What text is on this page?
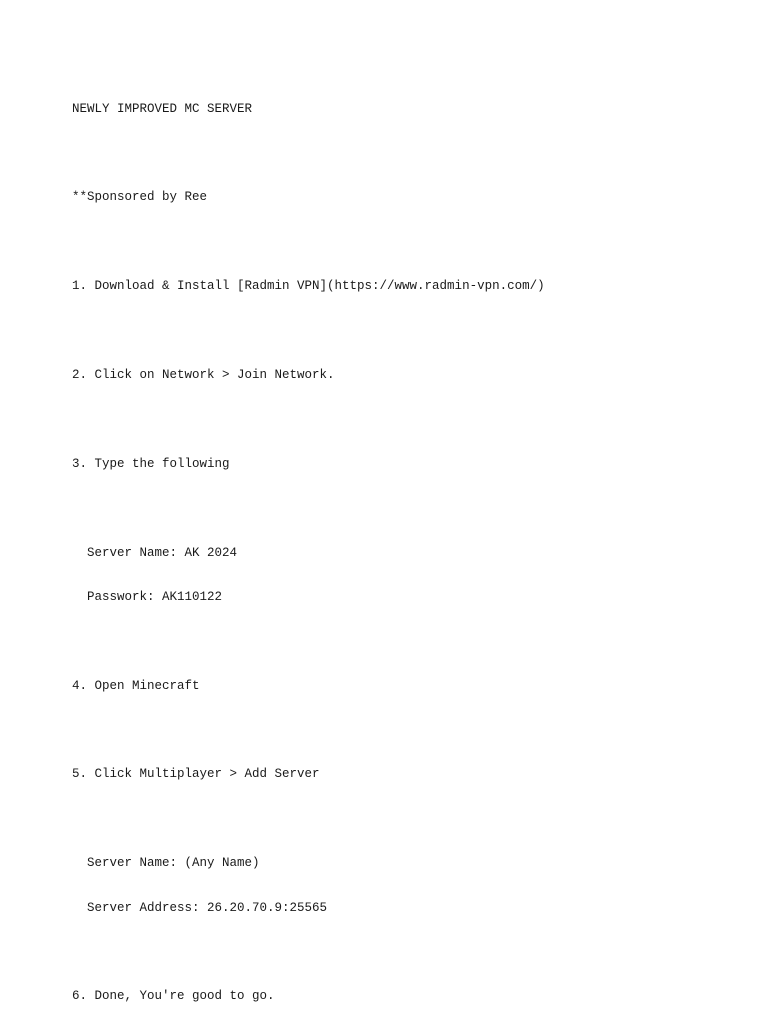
NEWLY IMPROVED MC SERVER

**Sponsored by Ree

1. Download & Install [Radmin VPN](https://www.radmin-vpn.com/)

2. Click on Network > Join Network.

3. Type the following

Server Name: AK 2024

Passwork: AK110122

4. Open Minecraft

5. Click Multiplayer > Add Server

Server Name: (Any Name)

Server Address: 26.20.70.9:25565

6. Done, You're good to go.
